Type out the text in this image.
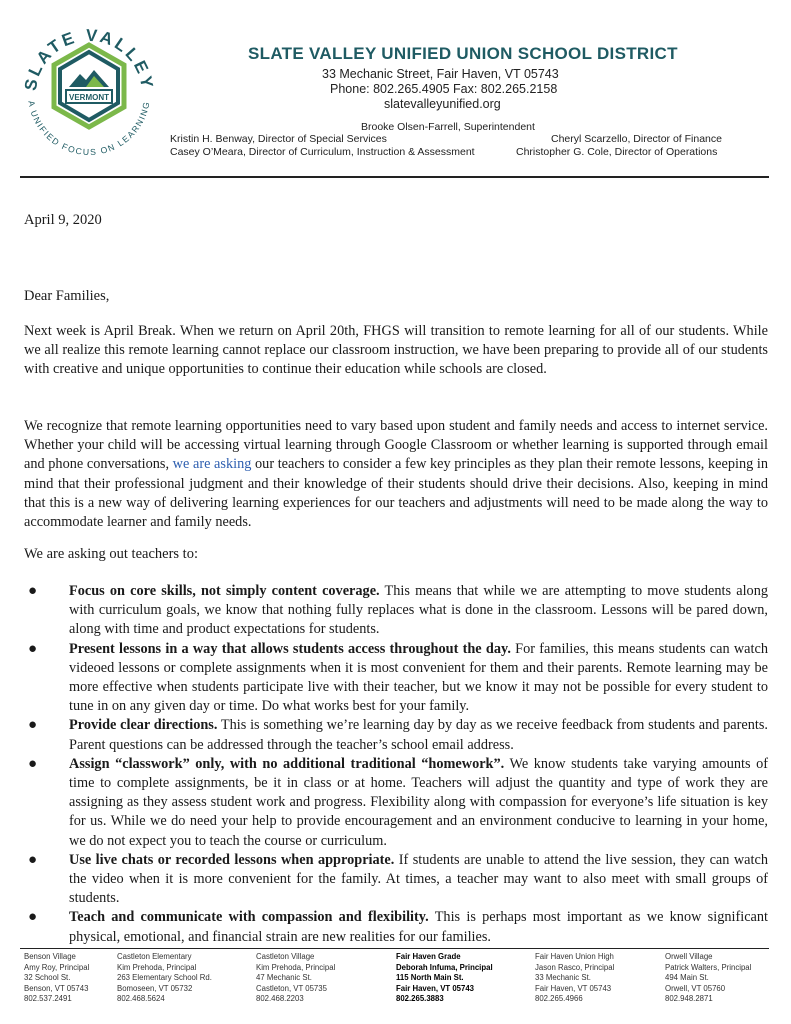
SLATE VALLEY
A UNIFIED FOCUS ON LEARNING
VERMONT
SLATE VALLEY UNIFIED UNION SCHOOL DISTRICT
33 Mechanic Street, Fair Haven, VT 05743
Phone: 802.265.4905 Fax: 802.265.2158
slatevalleyunified.org
Brooke Olsen-Farrell, Superintendent
Kristin H. Benway, Director of Special Services
Casey O’Meara, Director of Curriculum, Instruction & Assessment
Cheryl Scarzello, Director of Finance
Christopher G. Cole, Director of Operations
April 9, 2020
Dear Families,

Next week is April Break. When we return on April 20th, FHGS will transition to remote learning for all of our students. While we all realize this remote learning cannot replace our classroom instruction, we have been preparing to provide all of our students with creative and unique opportunities to continue their education while schools are closed.

We recognize that remote learning opportunities need to vary based upon student and family needs and access to internet service. Whether your child will be accessing virtual learning through Google Classroom or whether learning is supported through email and phone conversations, we are asking our teachers to consider a few key principles as they plan their remote lessons, keeping in mind that their professional judgment and their knowledge of their students should drive their decisions. Also, keeping in mind that this is a new way of delivering learning experiences for our teachers and adjustments will need to be made along the way to accommodate learner and family needs.

We are asking out teachers to:
● Focus on core skills, not simply content coverage. This means that while we are attempting to move students along with curriculum goals, we know that nothing fully replaces what is done in the classroom. Lessons will be pared down, along with time and product expectations for students.
● Present lessons in a way that allows students access throughout the day. For families, this means students can watch videoed lessons or complete assignments when it is most convenient for them and their parents. Remote learning may be more effective when students participate live with their teacher, but we know it may not be possible for every student to tune in on any given day or time. Do what works best for your family.
● Provide clear directions. This is something we’re learning day by day as we receive feedback from students and parents. Parent questions can be addressed through the teacher’s school email address.
● Assign “classwork” only, with no additional traditional “homework”. We know students take varying amounts of time to complete assignments, be it in class or at home. Teachers will adjust the quantity and type of work they are assigning as they assess student work and progress. Flexibility along with compassion for everyone’s life situation is key for us. While we do need your help to provide encouragement and an environment conducive to learning in your home, we do not expect you to teach the course or curriculum.
● Use live chats or recorded lessons when appropriate. If students are unable to attend the live session, they can watch the video when it is more convenient for the family. At times, a teacher may want to also meet with small groups of students.
● Teach and communicate with compassion and flexibility. This is perhaps most important as we know significant physical, emotional, and financial strain are new realities for our families.
Benson Village
Amy Roy, Principal
32 School St.
Benson, VT 05743
802.537.2491
Castleton Elementary
Kim Prehoda, Principal
263 Elementary School Rd.
Bomoseen, VT 05732
802.468.5624
Castleton Village
Kim Prehoda, Principal
47 Mechanic St.
Castleton, VT 05735
802.468.2203
Fair Haven Grade
Deborah Infuma, Principal
115 North Main St.
Fair Haven, VT 05743
802.265.3883
Fair Haven Union High
Jason Rasco, Principal
33 Mechanic St.
Fair Haven, VT 05743
802.265.4966
Orwell Village
Patrick Walters, Principal
494 Main St.
Orwell, VT 05760
802.948.2871
